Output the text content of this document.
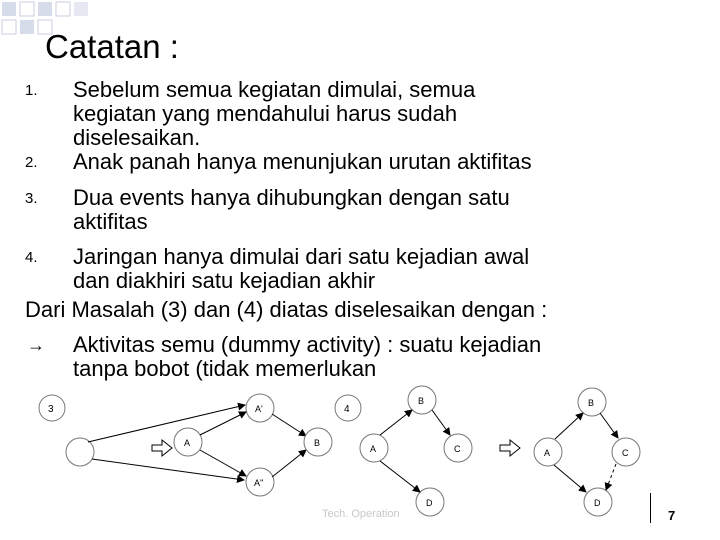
Catatan :
1. Sebelum semua kegiatan dimulai, semua
kegiatan yang mendahului harus sudah
diselesaikan.
2. Anak panah hanya menunjukan urutan aktifitas
3. Dua events hanya dihubungkan dengan satu
aktifitas
4. Jaringan hanya dimulai dari satu kejadian awal
dan diakhiri satu kejadian akhir
Dari Masalah (3) dan (4) diatas diselesaikan dengan :
→ Aktivitas semu (dummy activity) : suatu kejadian
tanpa bobot (tidak memerlukan
3	A'
A''
A	B
4
B
A	C
D
B
A	C
D
Tech. Operation	7
